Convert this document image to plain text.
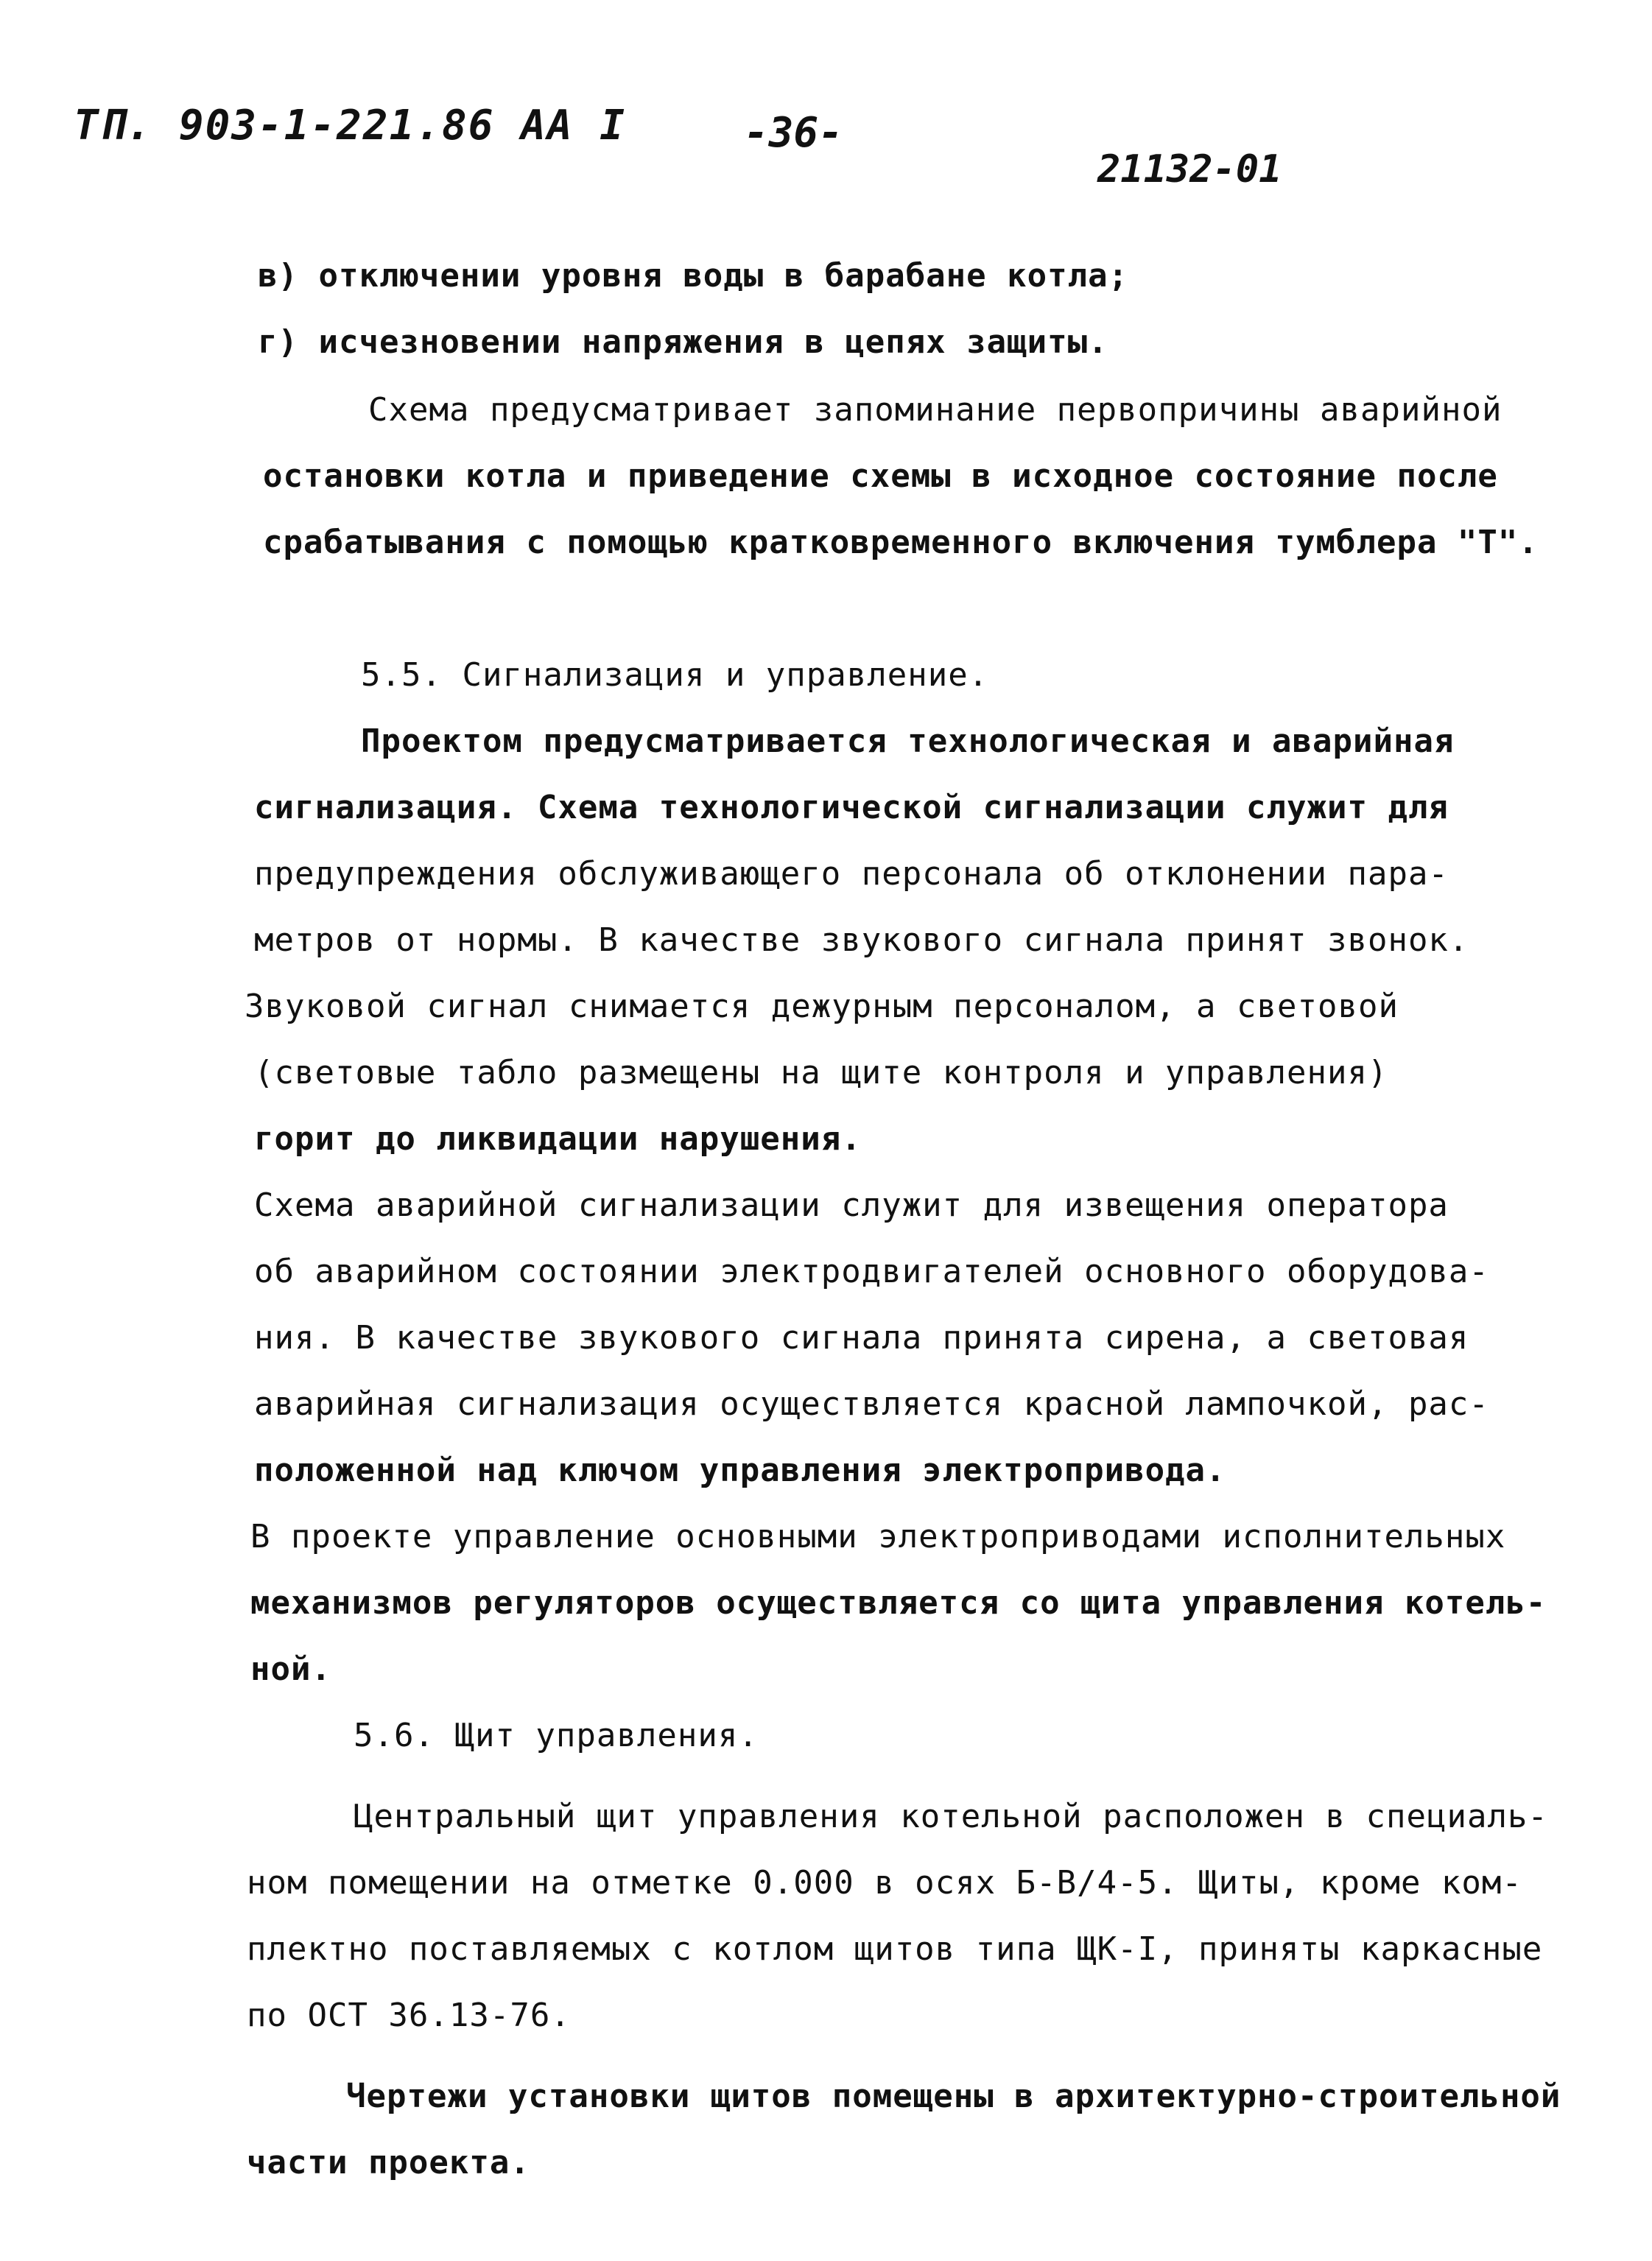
ТП. 903-1-221.86 АА I	-36-
21132-01
в) отключении уровня воды в барабане котла;
г) исчезновении напряжения в цепях защиты.
Схема предусматривает запоминание первопричины аварийной
остановки котла и приведение схемы в исходное состояние после
срабатывания с помощью кратковременного включения тумблера "Т".
5.5. Сигнализация и управление.
Проектом предусматривается технологическая и аварийная
сигнализация. Схема технологической сигнализации служит для
предупреждения обслуживающего персонала об отклонении пара-
метров от нормы. В качестве звукового сигнала принят звонок.
Звуковой сигнал снимается дежурным персоналом, а световой
(световые табло размещены на щите контроля и управления)
горит до ликвидации нарушения.
Схема аварийной сигнализации служит для извещения оператора
об аварийном состоянии электродвигателей основного оборудова-
ния. В качестве звукового сигнала принята сирена, а световая
аварийная сигнализация осуществляется красной лампочкой, рас-
положенной над ключом управления электропривода.
В проекте управление основными электроприводами исполнительных
механизмов регуляторов осуществляется со щита управления котель-
ной.
5.6. Щит управления.
Центральный щит управления котельной расположен в специаль-
ном помещении на отметке 0.000 в осях Б-В/4-5. Щиты, кроме ком-
плектно поставляемых с котлом щитов типа ЩК-I, приняты каркасные
по ОСТ 36.13-76.
Чертежи установки щитов помещены в архитектурно-строительной
части проекта.
